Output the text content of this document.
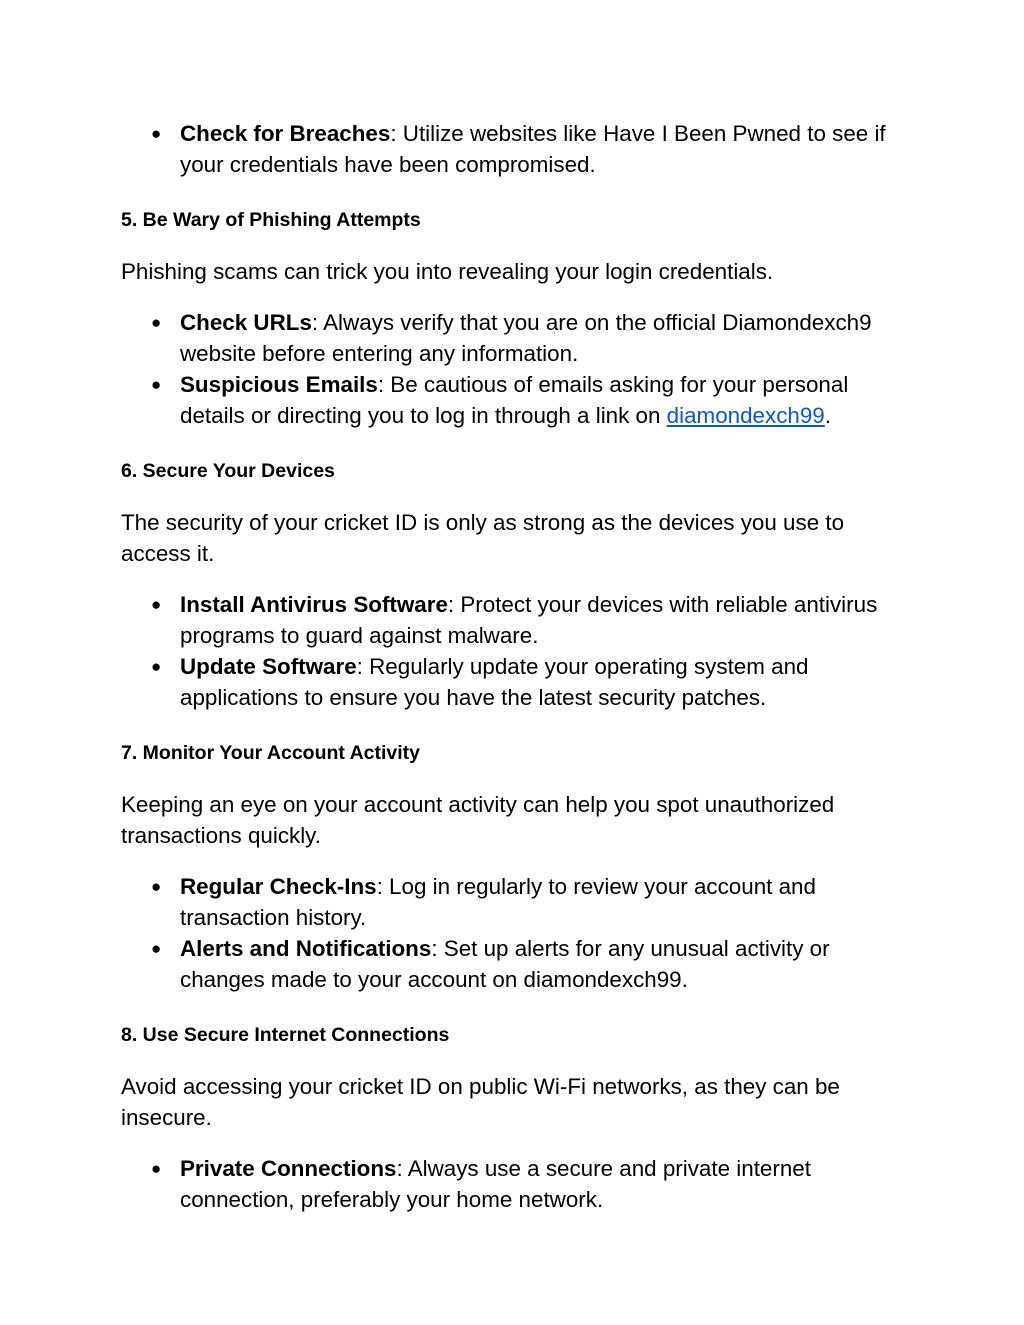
● Check for Breaches: Utilize websites like Have I Been Pwned to see if your credentials have been compromised.
5. Be Wary of Phishing Attempts

Phishing scams can trick you into revealing your login credentials.

● Check URLs: Always verify that you are on the official Diamondexch9 website before entering any information.
● Suspicious Emails: Be cautious of emails asking for your personal details or directing you to log in through a link on diamondexch99.
6. Secure Your Devices

The security of your cricket ID is only as strong as the devices you use to access it.

● Install Antivirus Software: Protect your devices with reliable antivirus programs to guard against malware.
● Update Software: Regularly update your operating system and applications to ensure you have the latest security patches.
7. Monitor Your Account Activity

Keeping an eye on your account activity can help you spot unauthorized transactions quickly.

● Regular Check-Ins: Log in regularly to review your account and transaction history.
● Alerts and Notifications: Set up alerts for any unusual activity or changes made to your account on diamondexch99.
8. Use Secure Internet Connections

Avoid accessing your cricket ID on public Wi-Fi networks, as they can be insecure.

● Private Connections: Always use a secure and private internet connection, preferably your home network.
